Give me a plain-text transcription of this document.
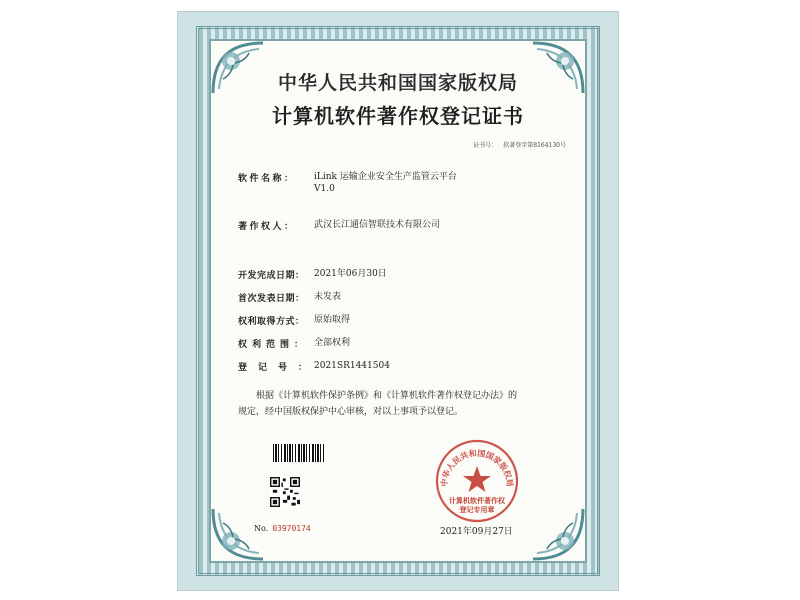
中华人民共和国国家版权局
计算机软件著作权登记证书
证书号： 软著登字第8164130号
软件名称：	iLink 运输企业安全生产监管云平台
V1.0
著作权人：	武汉长江通信智联技术有限公司
开发完成日期：	2021年06月30日
首次发表日期：	未发表
权利取得方式：	原始取得
权利范围： 全部权利
登记号：
2021SR1441504
根据《计算机软件保护条例》和《计算机软件著作权登记办法》的
规定，经中国版权保护中心审核，对以上事项予以登记。
No. 03970174
中华人民共和国国家版权局
计算机软件著作权
登记专用章
2021年09月27日
